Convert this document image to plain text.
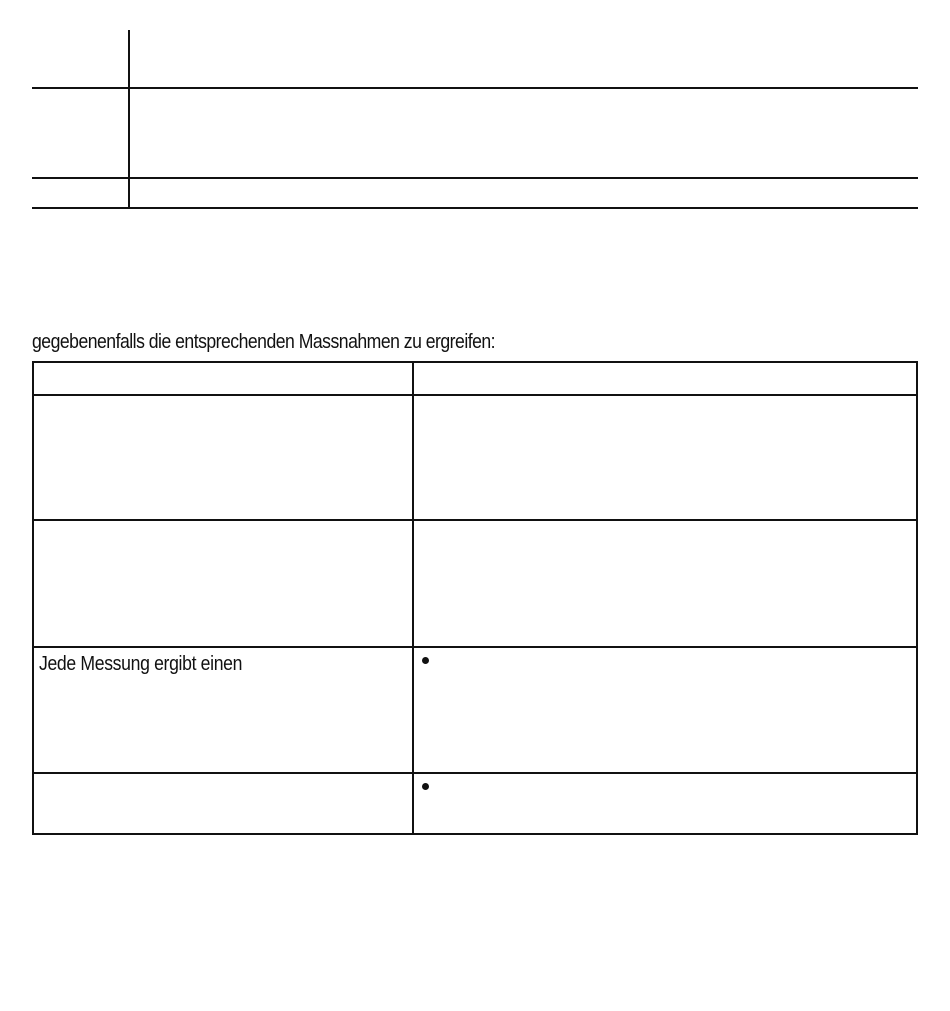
gegebenenfalls die entsprechenden Massnahmen zu ergreifen:
Jede Messung ergibt einen
